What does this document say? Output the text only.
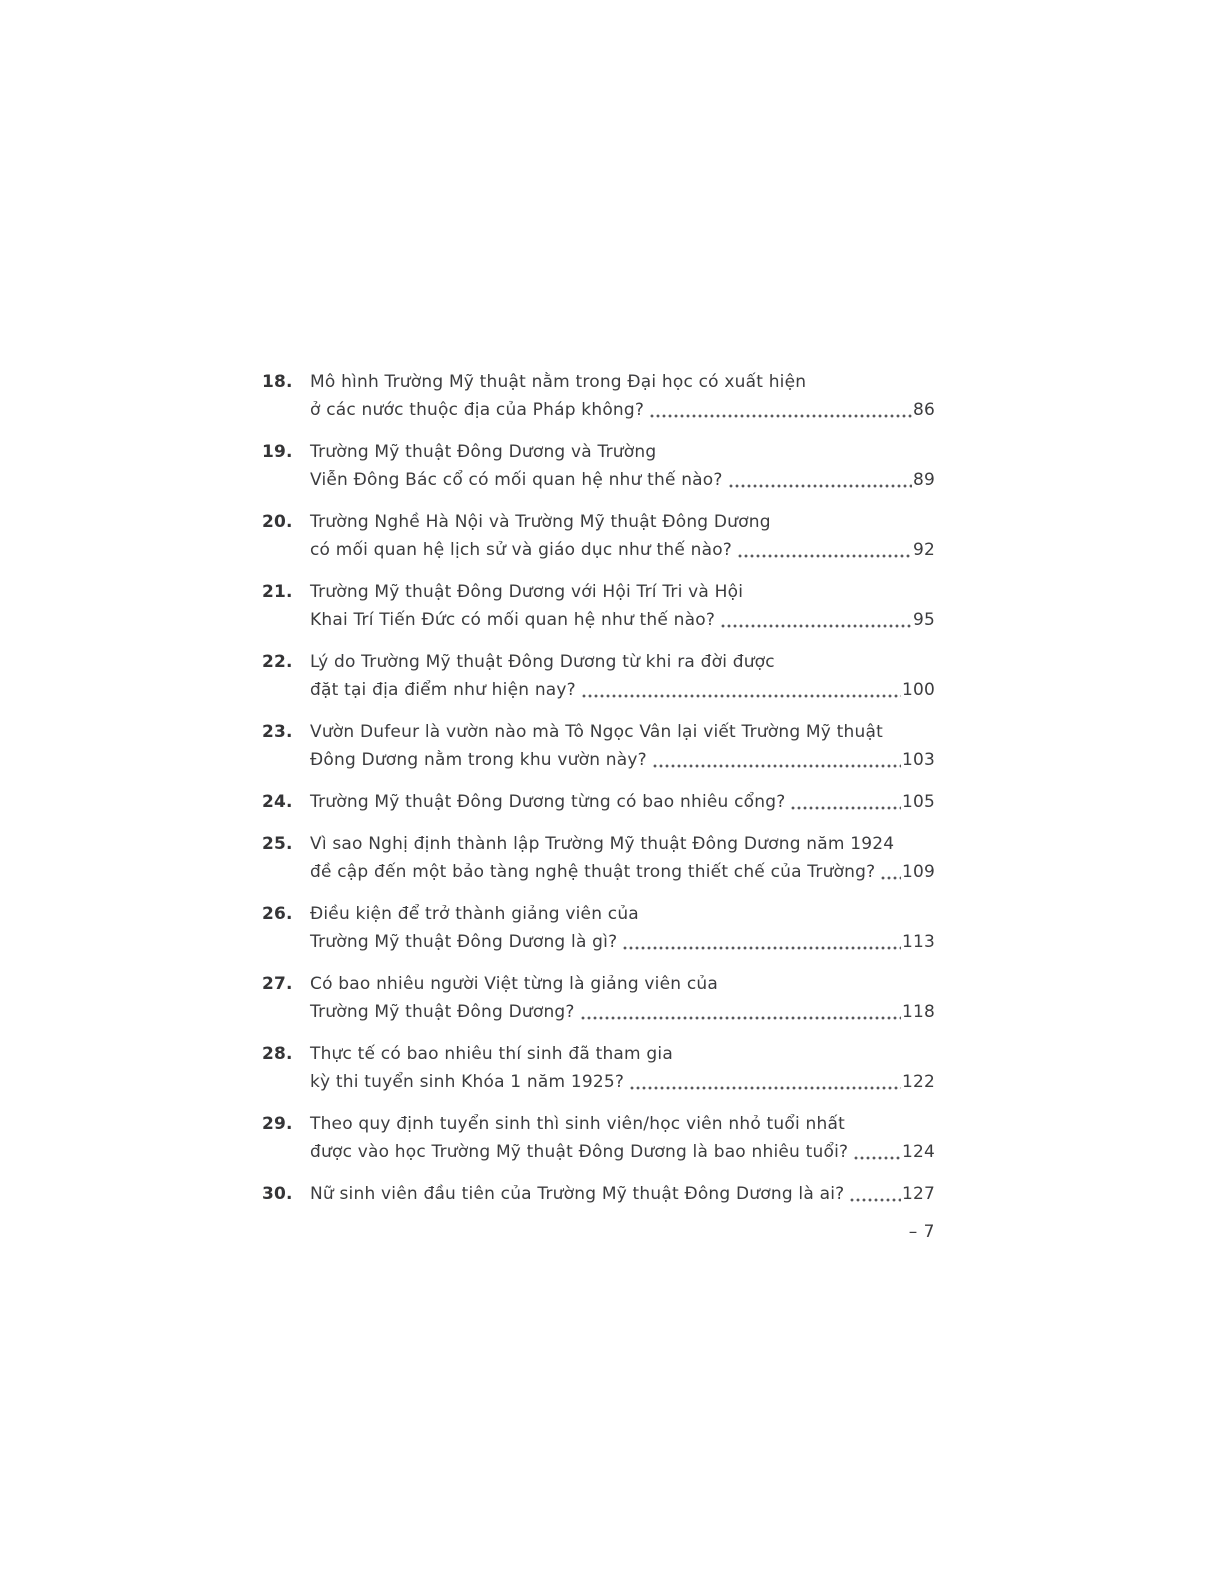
18.	Mô hình Trường Mỹ thuật nằm trong Đại học có xuất hiện
ở các nước thuộc địa của Pháp không?	86
19.	Trường Mỹ thuật Đông Dương và Trường
Viễn Đông Bác cổ có mối quan hệ như thế nào?	89
20.	Trường Nghề Hà Nội và Trường Mỹ thuật Đông Dương
có mối quan hệ lịch sử và giáo dục như thế nào?	92
21.	Trường Mỹ thuật Đông Dương với Hội Trí Tri và Hội
Khai Trí Tiến Đức có mối quan hệ như thế nào?	95
22.	Lý do Trường Mỹ thuật Đông Dương từ khi ra đời được
đặt tại địa điểm như hiện nay?	100
23.	Vườn Dufeur là vườn nào mà Tô Ngọc Vân lại viết Trường Mỹ thuật
Đông Dương nằm trong khu vườn này?	103
24.	Trường Mỹ thuật Đông Dương từng có bao nhiêu cổng?	105
25.	Vì sao Nghị định thành lập Trường Mỹ thuật Đông Dương năm 1924
đề cập đến một bảo tàng nghệ thuật trong thiết chế của Trường? 109
26.	Điều kiện để trở thành giảng viên của
Trường Mỹ thuật Đông Dương là gì?	113
27.	Có bao nhiêu người Việt từng là giảng viên của
Trường Mỹ thuật Đông Dương?	118
28.	Thực tế có bao nhiêu thí sinh đã tham gia
kỳ thi tuyển sinh Khóa 1 năm 1925?	122
29.	Theo quy định tuyển sinh thì sinh viên/học viên nhỏ tuổi nhất
được vào học Trường Mỹ thuật Đông Dương là bao nhiêu tuổi?	124
30.	Nữ sinh viên đầu tiên của Trường Mỹ thuật Đông Dương là ai?	127
– 7
